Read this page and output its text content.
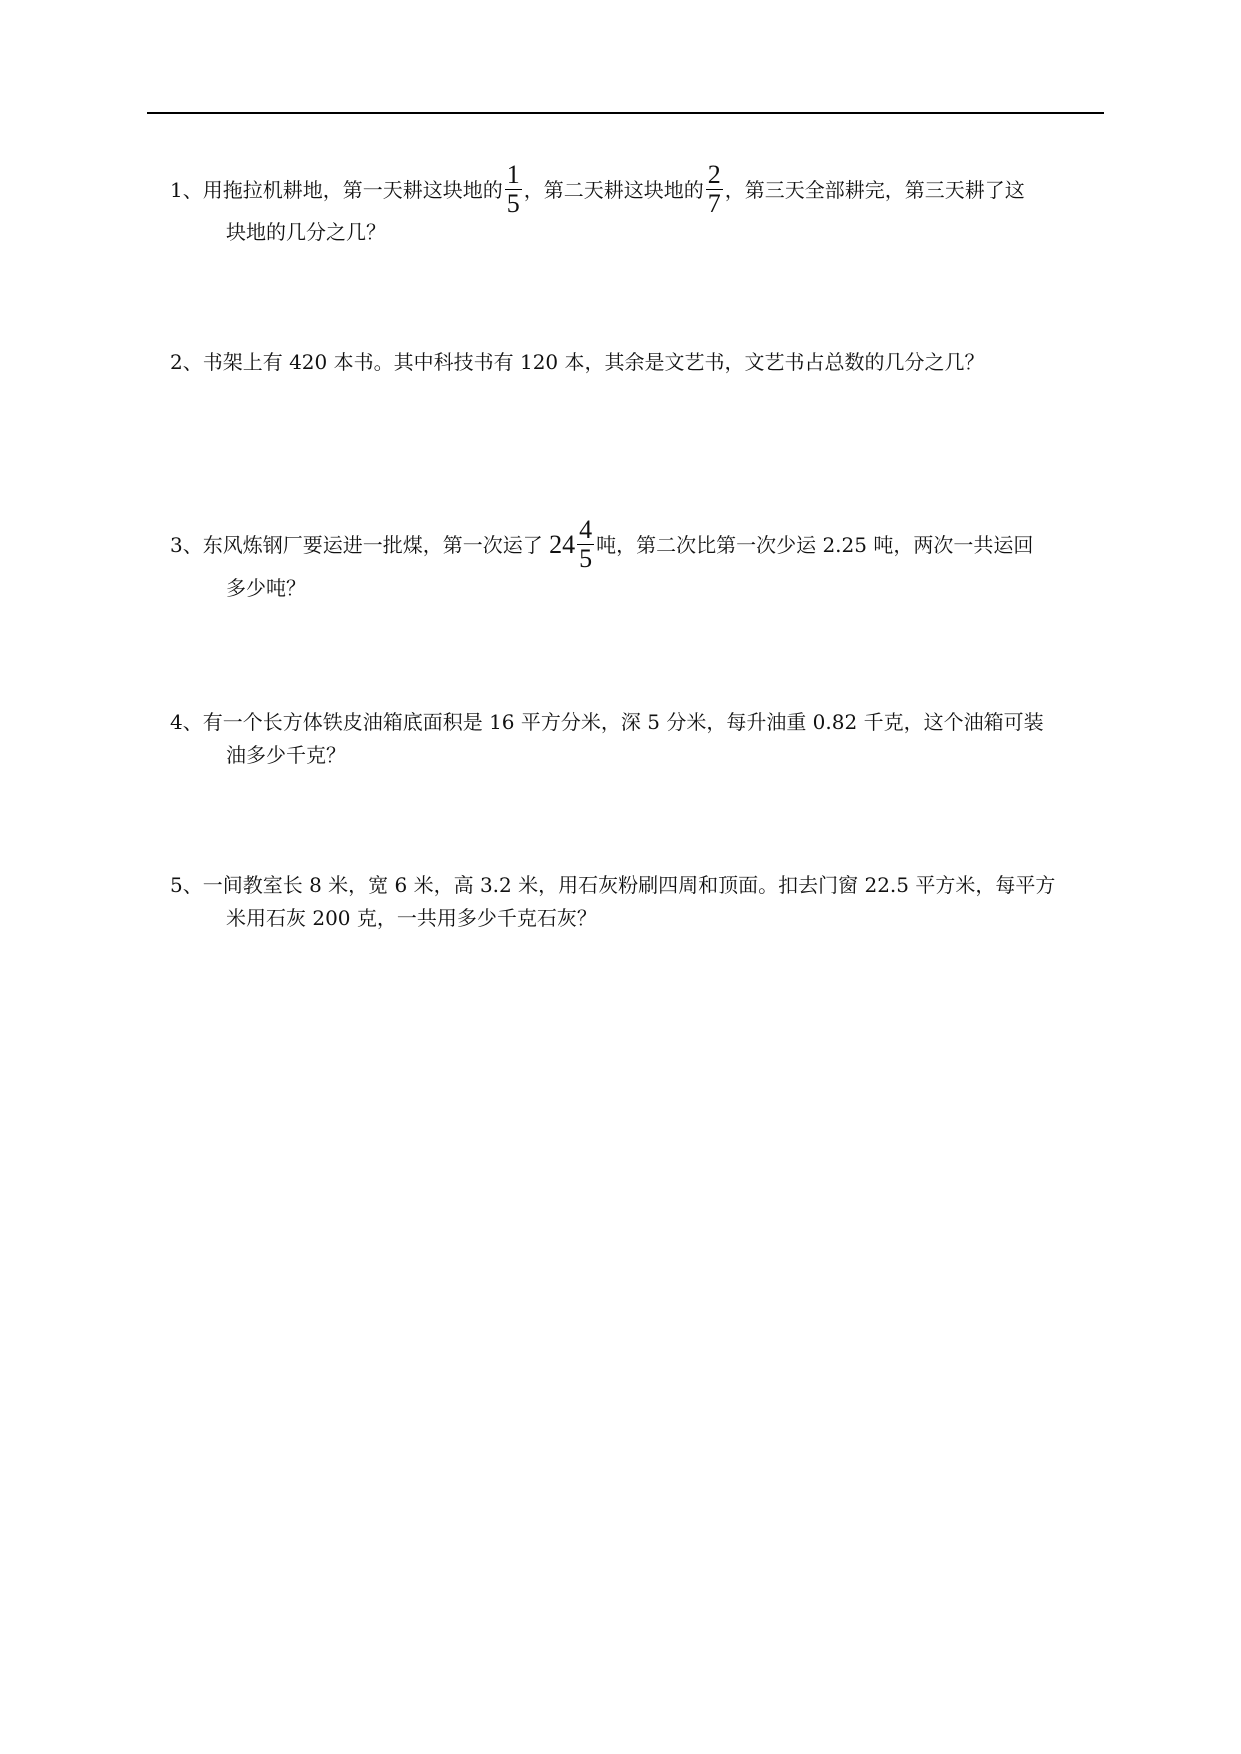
1、用拖拉机耕地，第一天耕这块地的 $\frac{1}{5}$ ，第二天耕这块地的 $\frac{2}{7}$ ，第三天全部耕完，第三天耕了这
块地的几分之几？
2、书架上有 420 本书。其中科技书有 120 本，其余是文艺书，文艺书占总数的几分之几？
3、东风炼钢厂要运进一批煤，第一次运了 $24 \frac{4}{5}$ 吨，第二次比第一次少运 2.25 吨，两次一共运回
多少吨？
4、有一个长方体铁皮油箱底面积是 16 平方分米，深 5 分米，每升油重 0.82 千克，这个油箱可装
油多少千克？
5、一间教室长 8 米，宽 6 米，高 3.2 米，用石灰粉刷四周和顶面。扣去门窗 22.5 平方米，每平方
米用石灰 200 克，一共用多少千克石灰？
